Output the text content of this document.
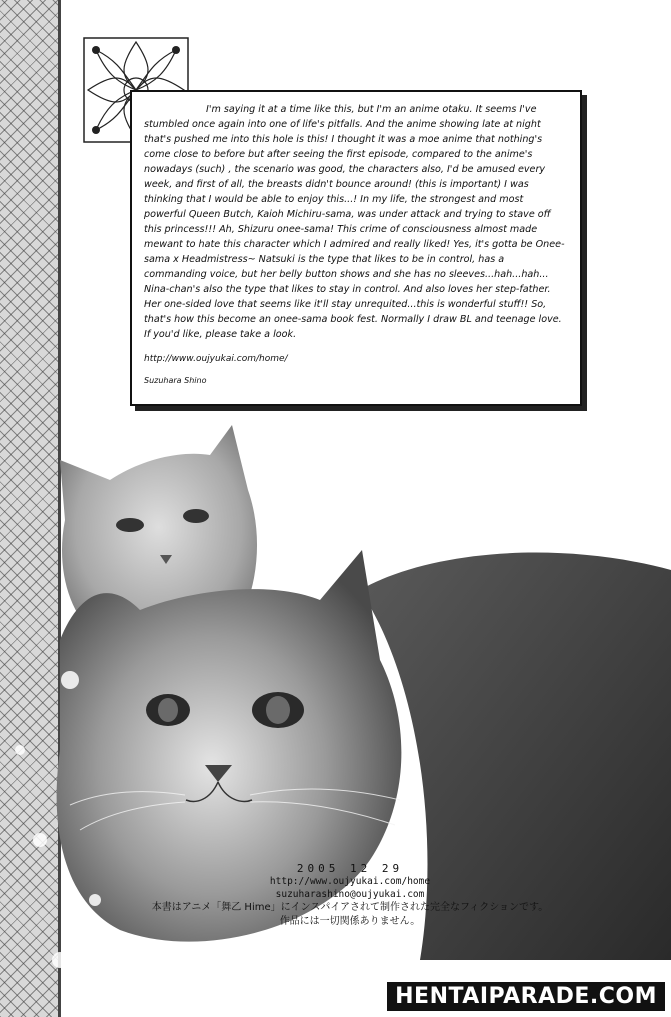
I'm saying it at a time like this, but I'm an anime otaku. It seems I've stumbled once again into one of life's pitfalls. And the anime showing late at night that's pushed me into this hole is this! I thought it was a moe anime that nothing's come close to before but after seeing the first episode, compared to the anime's nowadays (such) , the scenario was good, the characters also, I'd be amused every week, and first of all, the breasts didn't bounce around! (this is important) I was thinking that I would be able to enjoy this...! In my life, the strongest and most powerful Queen Butch, Kaioh Michiru-sama, was under attack and trying to stave off this princess!!! Ah, Shizuru onee-sama! This crime of consciousness almost made mewant to hate this character which I admired and really liked! Yes, it's gotta be Onee-sama x Headmistress~ Natsuki is the type that likes to be in control, has a commanding voice, but her belly button shows and she has no sleeves...hah...hah... Nina-chan's also the type that likes to stay in control. And also loves her step-father. Her one-sided love that seems like it'll stay unrequited...this is wonderful stuff!! So, that's how this become an onee-sama book fest. Normally I draw BL and teenage love. If you'd like, please take a look.

http://www.oujyukai.com/home/

Suzuhara Shino

2005 12 29
http://www.oujyukai.com/home
suzuharashino@oujyukai.com
本書はアニメ「舞乙 Hime」にインスパイアされて制作された完全なフィクションです。
作品には一切関係ありません。
HENTAIPARADE.COM
